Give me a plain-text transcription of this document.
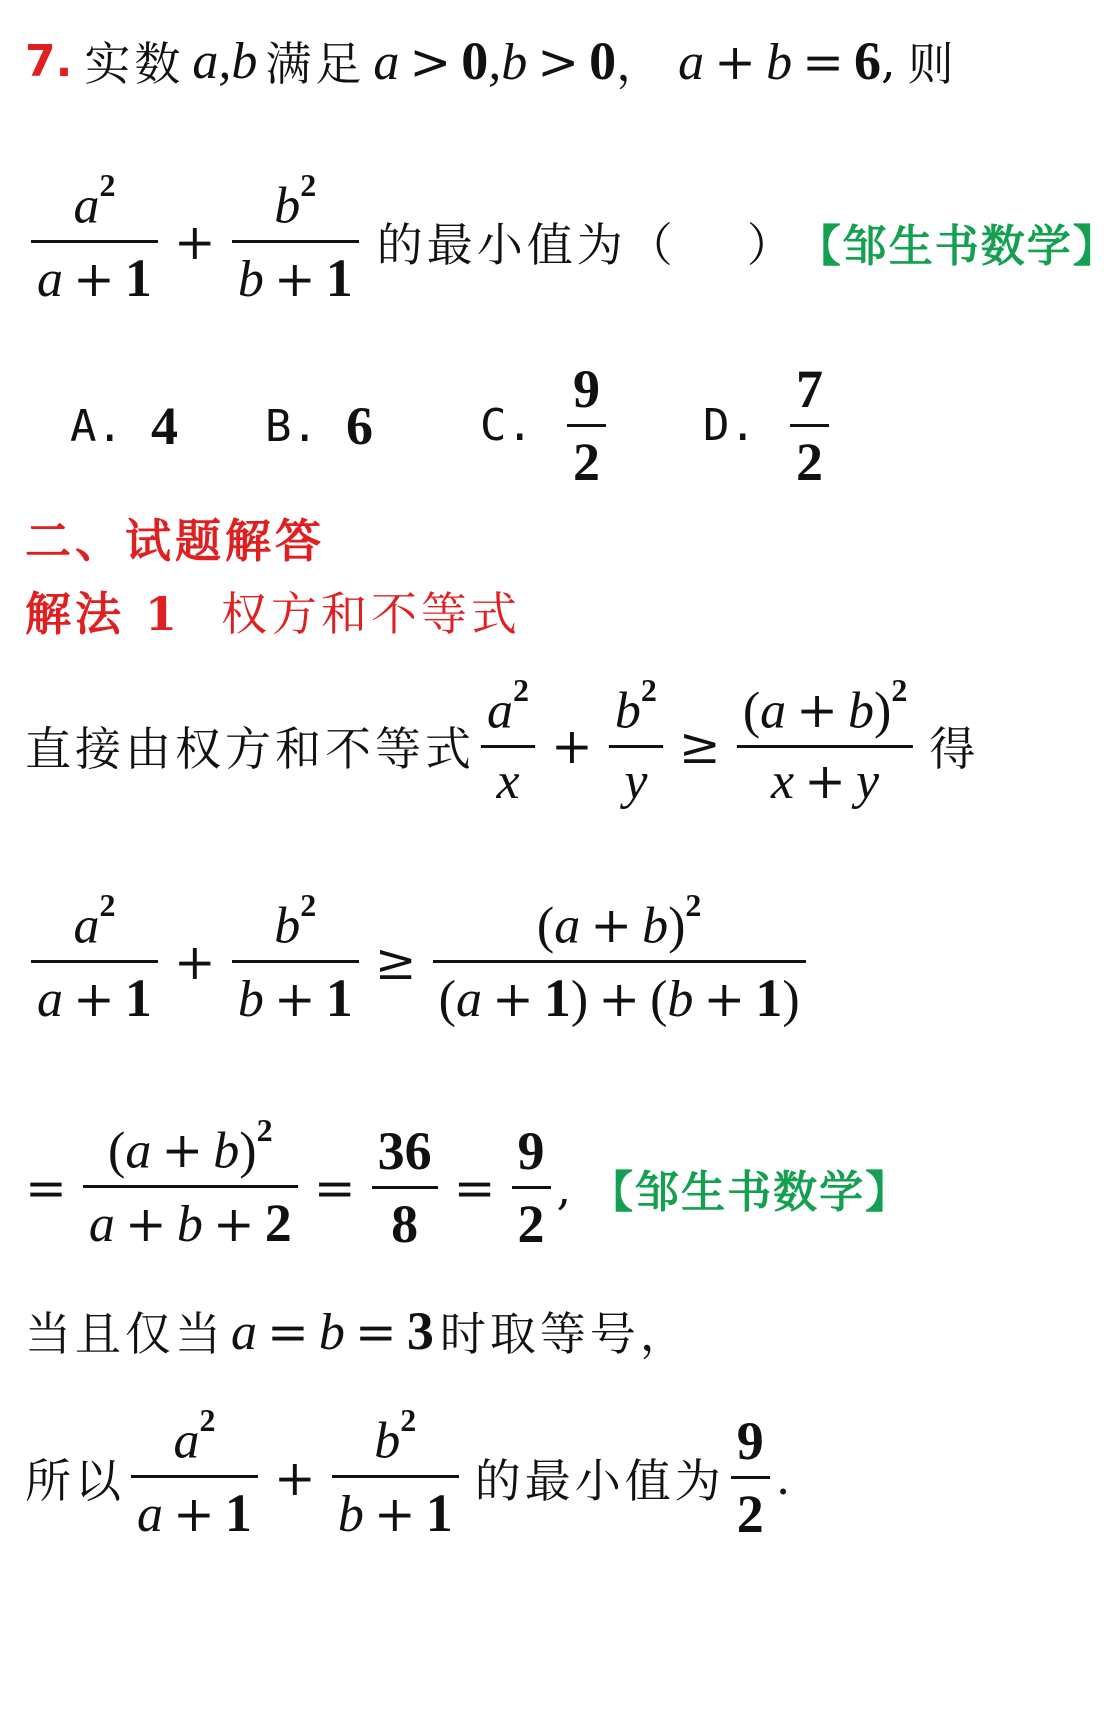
7. 实数 a,b 满足 a > 0,b > 0 ， a + b = 6 , 则
$\frac{a^2}{a + 1} + \frac{b^2}{b + 1}$ 的最小值为（ ） 【邹生书数学】
A. 4 B. 6 C. $\frac{9}{2} D$. $\frac{7}{2}$
二、试题解答
解法 1 权方和不等式
直接由权方和不等式 $\frac{a^2}{x} + \frac{b^2}{y} \ge \frac{(a + b)^2}{x + y}$ 得
$\frac{a^2}{a + 1} + \frac{b^2}{b + 1} \ge \frac{(a + b)^2}{(a + 1) + (b + 1)}$
= $\frac{(a + b)^2}{a + b + 2} = \frac{36}{8} = \frac{9}{2}$ , 【邹生书数学】
当且仅当 a = b = 3 时取等号，
所以 $\frac{a^2}{a + 1} + \frac{b^2}{b + 1}$ 的最小值为 $\frac{9}{2}$ .
